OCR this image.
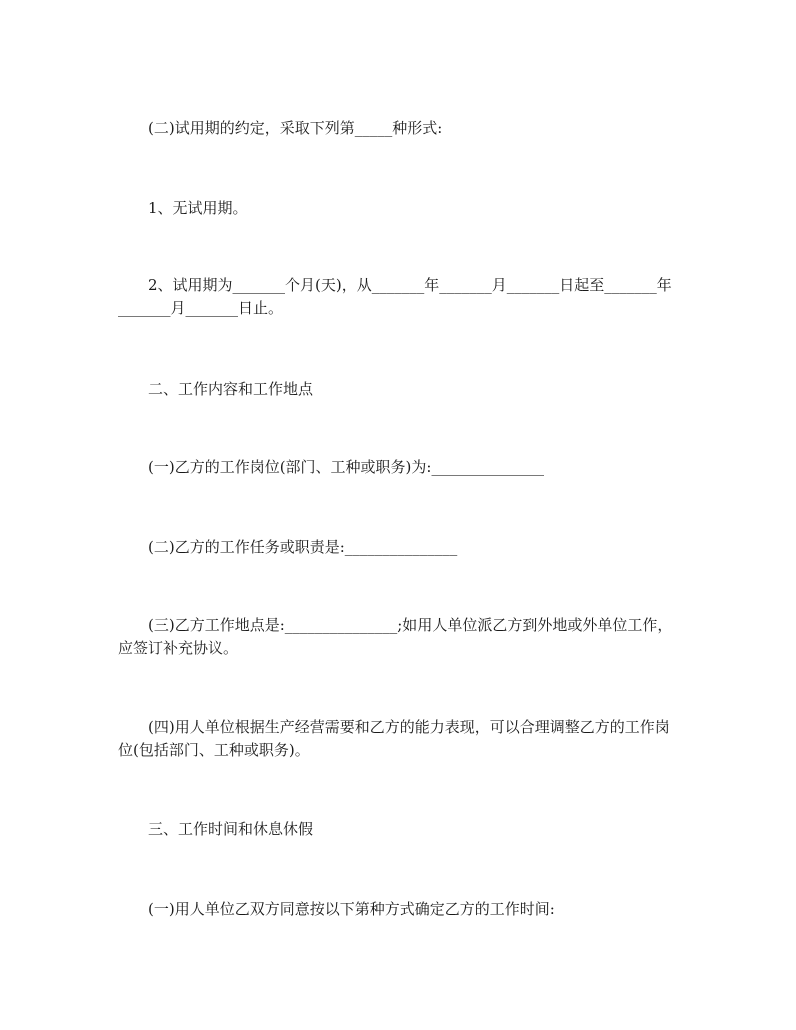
(二)试用期的约定，采取下列第_____种形式:

1、无试用期。

2、试用期为_______个月(天)，从_______年_______月_______日起至_______年_______月_______日止。

二、工作内容和工作地点

(一)乙方的工作岗位(部门、工种或职务)为:_______________

(二)乙方的工作任务或职责是:_______________

(三)乙方工作地点是:_______________;如用人单位派乙方到外地或外单位工作，应签订补充协议。

(四)用人单位根据生产经营需要和乙方的能力表现，可以合理调整乙方的工作岗位(包括部门、工种或职务)。

三、工作时间和休息休假

(一)用人单位乙双方同意按以下第种方式确定乙方的工作时间:
